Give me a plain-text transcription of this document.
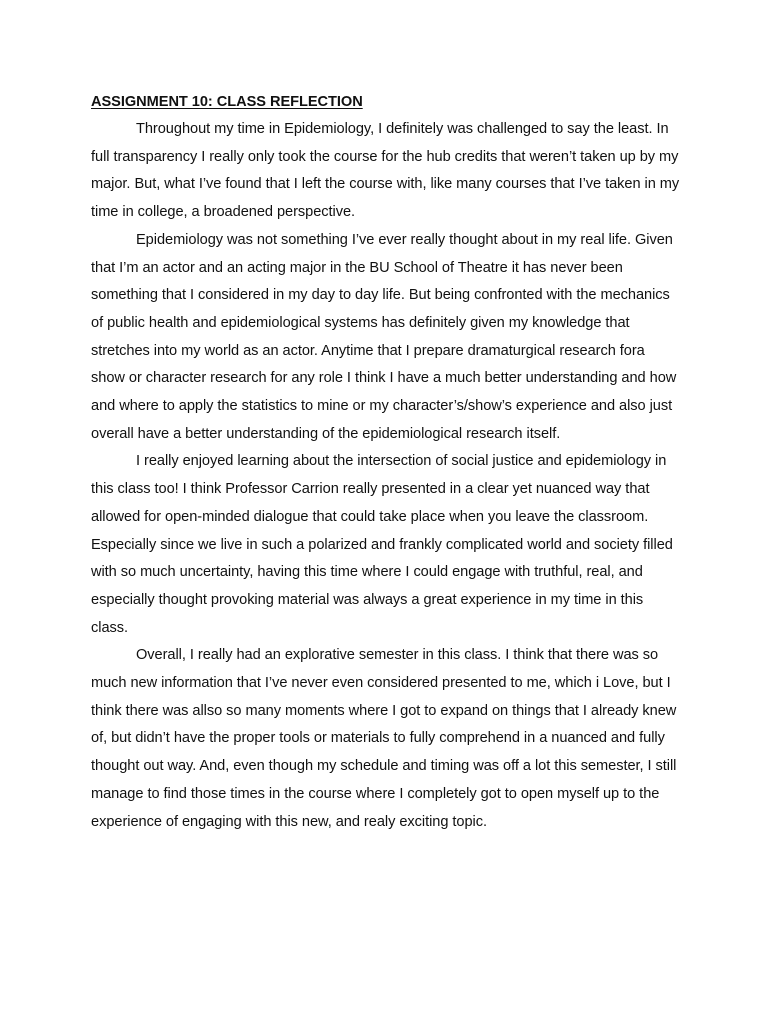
ASSIGNMENT 10: CLASS REFLECTION

Throughout my time in Epidemiology, I definitely was challenged to say the least. In full transparency I really only took the course for the hub credits that weren’t taken up by my major. But, what I’ve found that I left the course with, like many courses that I’ve taken in my time in college, a broadened perspective.

Epidemiology was not something I’ve ever really thought about in my real life. Given that I’m an actor and an acting major in the BU School of Theatre it has never been something that I considered in my day to day life. But being confronted with the mechanics of public health and epidemiological systems has definitely given my knowledge that stretches into my world as an actor. Anytime that I prepare dramaturgical research fora show or character research for any role I think I have a much better understanding and how and where to apply the statistics to mine or my character’s/show’s experience and also just overall have a better understanding of the epidemiological research itself.

I really enjoyed learning about the intersection of social justice and epidemiology in this class too! I think Professor Carrion really presented in a clear yet nuanced way that allowed for open-minded dialogue that could take place when you leave the classroom. Especially since we live in such a polarized and frankly complicated world and society filled with so much uncertainty, having this time where I could engage with truthful, real, and especially thought provoking material was always a great experience in my time in this class.

Overall, I really had an explorative semester in this class. I think that there was so much new information that I’ve never even considered presented to me, which i Love, but I think there was allso so many moments where I got to expand on things that I already knew of, but didn’t have the proper tools or materials to fully comprehend in a nuanced and fully thought out way. And, even though my schedule and timing was off a lot this semester, I still manage to find those times in the course where I completely got to open myself up to the experience of engaging with this new, and realy exciting topic.
